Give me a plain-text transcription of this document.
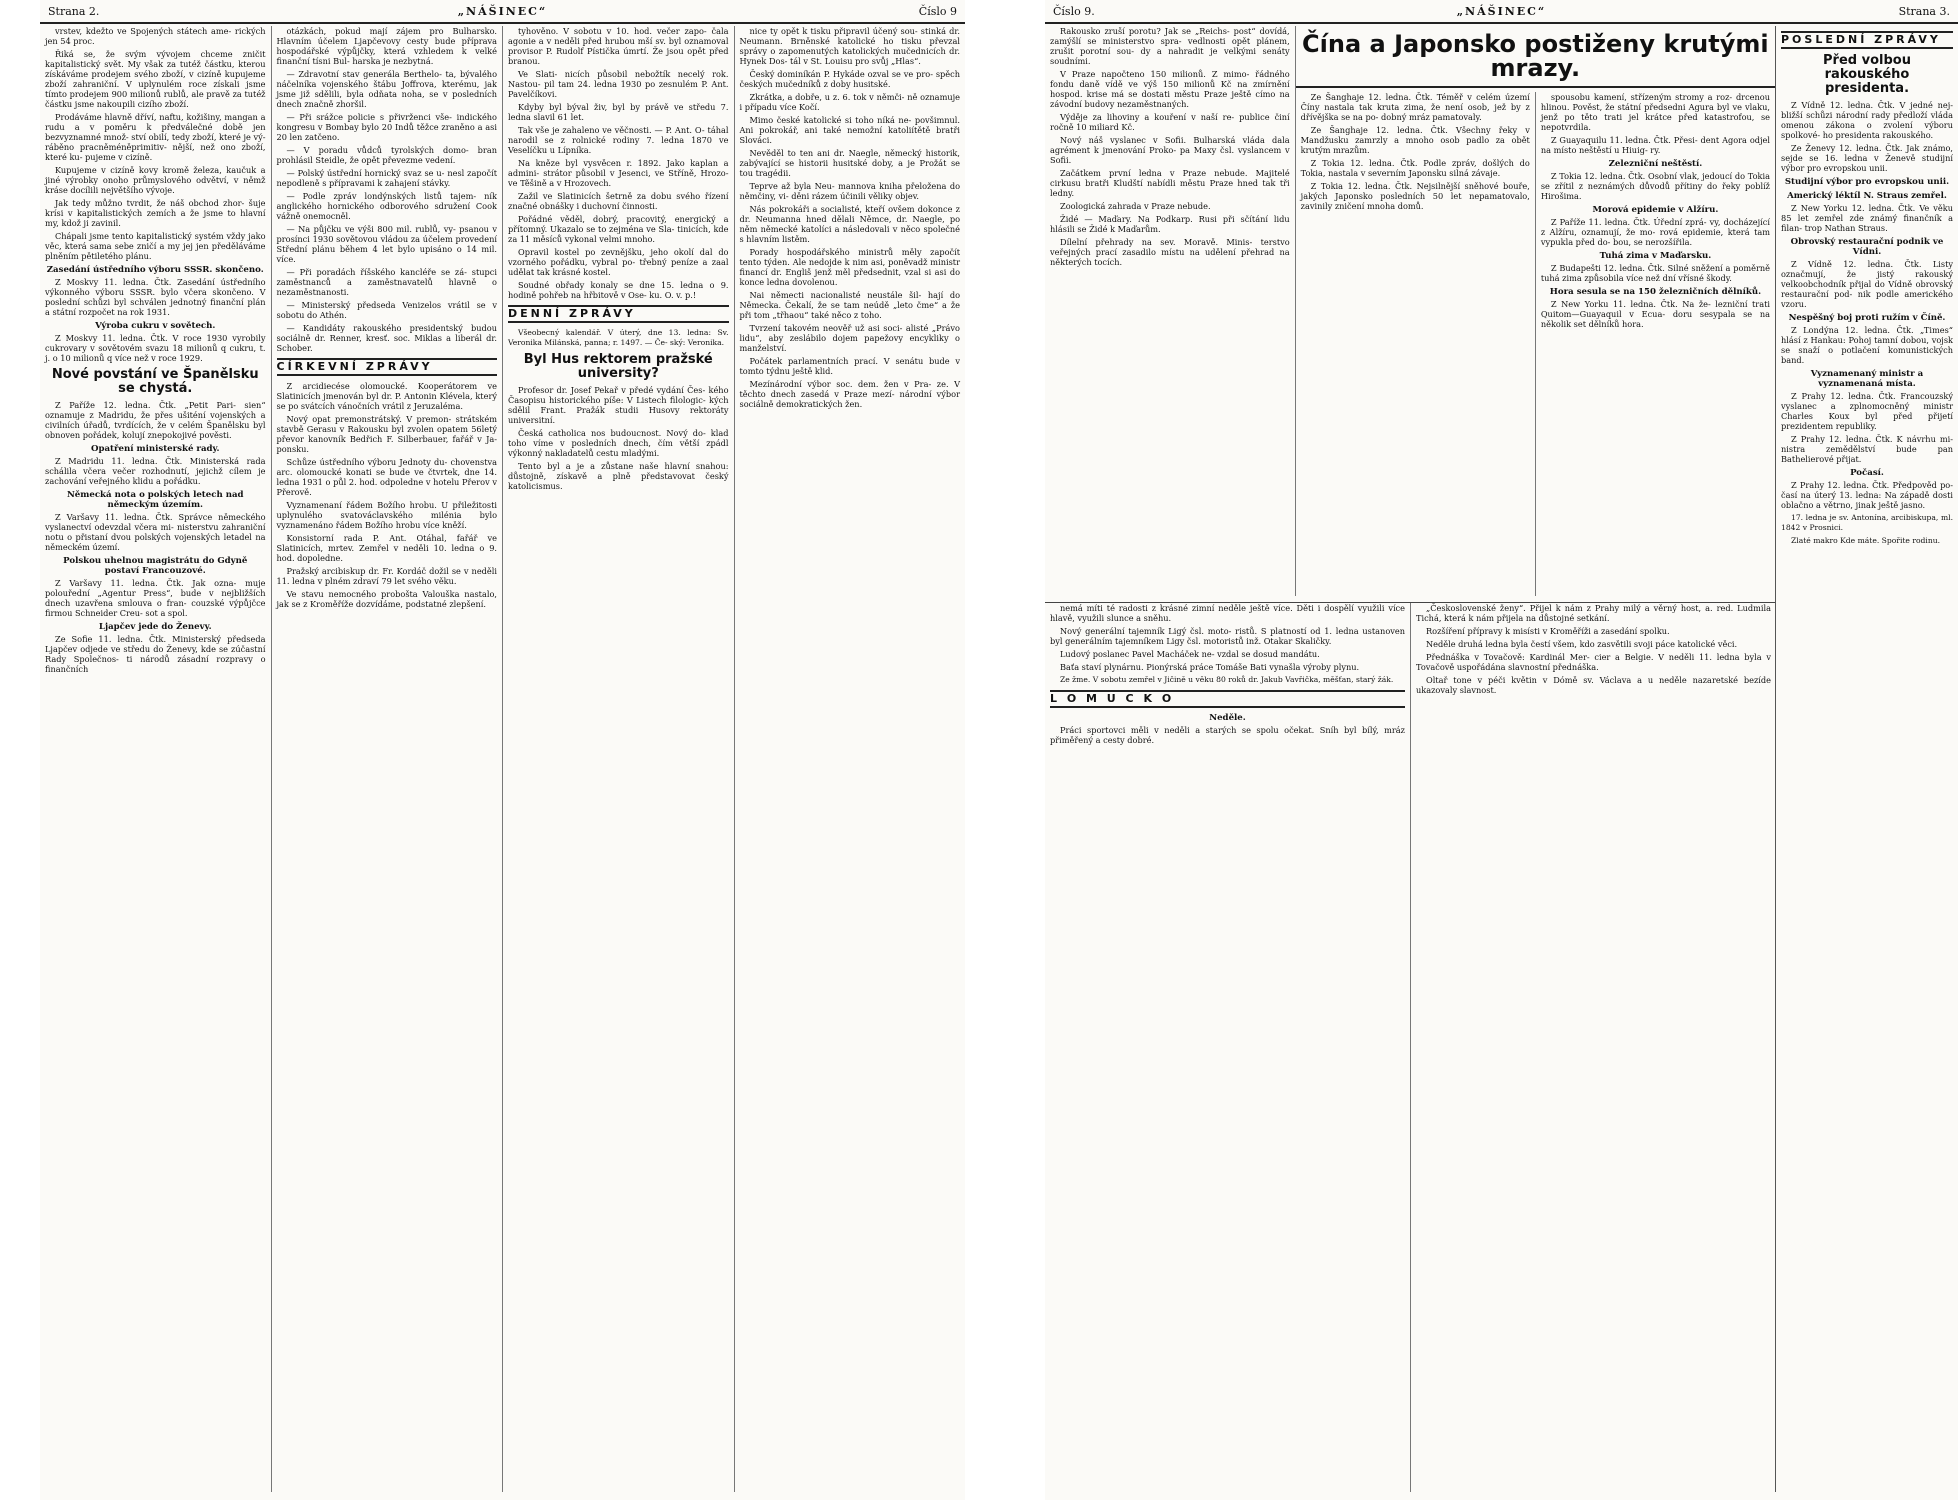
Strana 2.	„NÁŠINEC“	Číslo 9

vrstev, kdežto ve Spojených státech ame- rických jen 54 proc.

Řiká se, že svým vývojem chceme zničit kapitalistický svět. My však za tutéž částku, kterou získáváme prodejem svého zboží, v cizíně kupujeme zboží zahraniční. V uplynulém roce získali jsme tímto prodejem 900 milionů rublů, ale pravě za tutéž částku jsme nakoupili cizího zboží.

Prodáváme hlavně dříví, naftu, kožišiny, mangan a rudu a v poměru k předválečné době jen bezvyznamné množ- ství obilí, tedy zboží, které je vý- ráběno pracněméněprimitiv- nější, než ono zboží, které ku- pujeme v cizíně.

Kupujeme v cizíně kovy kromě železa, kaučuk a jiné výrobky onoho průmyslového odvětví, v němž kráse docílili největšího vývoje.

Jak tedy můžno tvrdit, že náš obchod zhor- šuje krísi v kapitalistických zemích a že jsme to hlavní my, kdož ji zavinil.

Chápali jsme tento kapitalistický systém vždy jako věc, která sama sebe zničí a my jej jen předěláváme plněním pětiletého plánu.

Zasedání ústředního výboru SSSR. skončeno.

Z Moskvy 11. ledna. Čtk. Zasedání ústředního výkonného výboru SSSR. bylo včera skončeno. V poslední schůzi byl schválen jednotný finanční plán a státní rozpočet na rok 1931.

Výroba cukru v sovětech.

Z Moskvy 11. ledna. Čtk. V roce 1930 vyrobily cukrovary v sovětovém svazu 18 milionů q cukru, t. j. o 10 milionů q více než v roce 1929.

Nové povstání ve Španělsku se chystá.

Z Paříže 12. ledna. Čtk. „Petit Pari- sien“ oznamuje z Madridu, že přes ušiténí vojenských a civilních úřadů, tvrdících, že v celém Španělsku byl obnoven pořádek, kolují znepokojivé pověsti.

Opatření ministerské rady.

Z Madridu 11. ledna. Čtk. Ministerská rada schálila včera večer rozhodnutí, jejichž cílem je zachování veřejného klidu a pořádku.

Německá nota o polských letech nad německým územím.

Z Varšavy 11. ledna. Čtk. Správce německého vyslanectví odevzdal včera mi- nisterstvu zahraniční notu o přistaní dvou polských vojenských letadel na německém území.

Polskou uhelnou magistrátu do Gdyně postaví Francouzové.

Z Varšavy 11. ledna. Čtk. Jak ozna- muje polouřední „Agentur Press“, bude v nejbližších dnech uzavřena smlouva o fran- couzské výpůjčce firmou Schneider Creu- sot a spol.

Ljapčev jede do Ženevy.

Ze Sofie 11. ledna. Čtk. Ministerský předseda Ljapčev odjede ve středu do Ženevy, kde se zúčastní Rady Společnos- ti národů zásadní rozpravy o finančních

otázkách, pokud mají zájem pro Bulharsko. Hlavním účelem Ljapčevovy cesty bude příprava hospodářské výpůjčky, která vzhledem k velké finanční tísni Bul- harska je nezbytná.

— Zdravotní stav generála Berthelo- ta, bývalého náčelníka vojenského štábu Joffrova, kterému, jak jsme již sdělili, byla odňata noha, se v posledních dnech značně zhoršil.

— Při srážce policie s přivrženci vše- indického kongresu v Bombay bylo 20 Indů těžce zraněno a asi 20 len zatčeno.

— V poradu vůdců tyrolských domo- bran prohlásil Steidle, že opět převezme vedení.

— Polský ústřední hornický svaz se u- nesl započít nepodleně s přípravami k zahajení stávky.

— Podle zpráv londýnských listů tajem- ník anglického hornického odborového sdružení Cook vážně onemocněl.

— Na půjčku ve výši 800 mil. rublů, vy- psanou v prosínci 1930 sovětovou vládou za účelem provedení Střední plánu během 4 let bylo upisáno o 14 mil. více.

— Při poradách říšského kancléře se zá- stupci zaměstnanců a zaměstnavatelů hlavně o nezaměstnanosti.

— Ministerský předseda Venizelos vrátil se v sobotu do Athén.

— Kandidáty rakouského presidentský budou sociálně dr. Renner, kresť. soc. Miklas a liberál dr. Schober.

CÍRKEVNÍ ZPRÁVY

Z arcidiecése olomoucké. Kooperátorem ve Slatinicích jmenován byl dr. P. Antonin Klévela, který se po svátcích vánočních vrátil z Jeruzaléma.

Nový opat premonstrátský. V premon- strátském stavbě Gerasu v Rakousku byl zvolen opatem 56letý převor kanovník Bedřich F. Silberbauer, fařář v Ja- ponsku.

Schůze ústředního výboru Jednoty du- chovenstva arc. olomoucké konati se bude ve čtvrtek, dne 14. ledna 1931 o půl 2. hod. odpoledne v hotelu Přerov v Přerově.

Vyznamenaní řádem Božího hrobu. U přiležitosti uplynulého svatováclavského milénia bylo vyznamenáno řádem Božího hrobu více kněží.

Konsistorní rada P. Ant. Otáhal, fařář ve Slatinicích, mrtev. Zemřel v neděli 10. ledna o 9. hod. dopoledne.

Pražský arcibiskup dr. Fr. Kordáč dožil se v neděli 11. ledna v plném zdraví 79 let svého věku.

Ve stavu nemocného probošta Valouška nastalo, jak se z Kroměříže dozvídáme, podstatné zlepšení.

tyhověno. V sobotu v 10. hod. večer zapo- čala agonie a v neděli před hrubou mší sv. byl oznamoval provisor P. Rudolf Pístička úmrtí. Že jsou opět před branou.

Ve Slati- nicích působil nebožtík necelý rok. Nastou- pil tam 24. ledna 1930 po zesnulém P. Ant. Pavelčíkovi.

Kdyby byl býval živ, byl by právě ve středu 7. ledna slavil 61 let.

Tak vše je zahaleno ve věčnosti. — P. Ant. O- táhal narodil se z rolnické rodiny 7. ledna 1870 ve Veselíčku u Lípníka.

Na kněze byl vysvěcen r. 1892. Jako kaplan a admini- strátor působil v Jesenci, ve Stříně, Hrozo- ve Těšině a v Hrozovech.

Zažil ve Slatinicích šetrně za dobu svého řízení značné obnášky i duchovní činnosti.

Pořádné věděl, dobrý, pracovitý, energický a přítomný. Ukazalo se to zejména ve Sla- tinicích, kde za 11 měsíců vykonal velmi mnoho.

Opravil kostel po zevnějšku, jeho okolí dal do vzorného pořádku, vybral po- třebný peníze a zaal udělat tak krásné kostel.

Soudné obřady konaly se dne 15. ledna o 9. hodině pohřeb na hřbitově v Ose- ku. O. v. p.!

DENNÍ ZPRÁVY

Všeobecný kalendář. V úterý, dne 13. ledna: Sv. Veronika Milánská, panna; r. 1497. — Če- ský: Veronika.

Byl Hus rektorem pražské university?

Profesor dr. Josef Pekař v předé vydání Čes- kého Časopisu historického píše: V Listech filologic- kých sdělil Frant. Pražák studii Husovy rektoráty universitní.

Česká catholica nos budoucnost. Nový do- klad toho víme v posledních dnech, čím větší zpádl výkonný nakladatelů cestu mladými.

Tento byl a je a zůstane naše hlavní snahou: důstojně, získavě a plně představovat český katolicismus.

nice ty opět k tisku připravil účený sou- stinká dr. Neumann. Brněnské katolické ho tisku převzal správy o zapomenutých katolických mučednicích dr. Hynek Dos- tál v St. Louisu pro svůj „Hlas“.

Český dominíkán P. Hykáde ozval se ve pro- spěch českých mučedníků z doby husitské.

Zkrátka, a dobře, u z. 6. tok v němči- ně oznamuje i případu více Kočí.

Mimo české katolické si toho níká ne- povšimnul. Ani pokrokář, ani také nemožní katoliítětě bratři Slováci.

Nevěděl to ten ani dr. Naegle, německý historik, zabývající se historii husitské doby, a je Prožát se tou tragédii.

Teprve až byla Neu- mannova kniha přeložena do němčiny, vi- děni rázem účinili věliky objev.

Nás pokrokáři a socialisté, kteří ovšem dokonce z dr. Neumanna hned dělali Němce, dr. Naegle, po něm německé katolíci a následovali v něco společné s hlavním listěm.

Porady hospodářského ministrů měly započít tento týden. Ale nedojde k nim asi, poněvadž ministr financí dr. Engliš jenž měl předsednit, vzal si asi do konce ledna dovolenou.

Nai němecti nacionalisté neustále šil- hají do Německa. Čekalí, že se tam neúdě „leto čme“ a že při tom „třhaou“ také něco z toho.

Tvrzení takovém neověř už asi soci- alisté „Právo lidu“, aby zeslábilo dojem papežovy encykliky o manželství.

Počátek parlamentních prací. V senátu bude v tomto týdnu ještě klid.

Mezínárodní výbor soc. dem. žen v Pra- ze. V těchto dnech zasedá v Praze mezí- národní výbor sociálně demokratických žen.

Číslo 9.	„NÁŠINEC“	Strana 3.

Rakousko zruší porotu? Jak se „Reichs- post“ dovídá, zamýšlí se ministerstvo spra- vedlnosti opět plánem, zrušit porotní sou- dy a nahradit je velkými senáty soudními.

V Praze napočteno 150 milionů. Z mimo- řádného fondu daně vídě ve výš 150 milionů Kč na zmírnění hospod. krise má se dostati městu Praze ještě címo na závodní budovy nezaměstnaných.

Výděje za lihoviny a kouření v naší re- publice činí ročně 10 miliard Kč.

Nový náš vyslanec v Sofii. Bulharská vláda dala agrément k jmenování Proko- pa Maxy čsl. vyslancem v Sofii.

Začátkem první ledna v Praze nebude. Majitelé cirkusu bratři Kludští nabídli městu Praze hned tak tři ledny.

Zoologická zahrada v Praze nebude.

Židé — Maďary. Na Podkarp. Rusi při sčítání lidu hlásili se Židé k Maďarům.

Dílelní přehrady na sev. Moravě. Minis- terstvo veřejných prací zasadilo místu na udělení přehrad na některých tocích.

Čína a Japonsko postiženy krutými mrazy.

Ze Šanghaje 12. ledna. Čtk. Téměř v celém území Číny nastala tak kruta zima, že není osob, jež by z dřívějška se na po- dobný mráz pamatovaly.

Ze Šanghaje 12. ledna. Čtk. Všechny řeky v Mandžusku zamrzly a mnoho osob padlo za obět krutým mrazům.

Z Tokia 12. ledna. Čtk. Podle zpráv, došlých do Tokia, nastala v severním Japonsku silná závaje.

Z Tokia 12. ledna. Čtk. Nejsilnější sněhové bouře, jakých Japonsko posledních 50 let nepamatovalo, zavinily zničení mnoha domů.

spousobu kamení, střízeným stromy a roz- drcenou hlinou. Pověst, že státní předsedni Agura byl ve vlaku, jenž po těto trati jel krátce před katastrofou, se nepotvrdila.

Z Guayaquilu 11. ledna. Čtk. Přesi- dent Agora odjel na místo neštěstí u Hiuig- ry.

Zelezniční neštěstí.

Z Tokia 12. ledna. Čtk. Osobní vlak, jedoucí do Tokia se zřítil z neznámých důvodů přítiny do řeky poblíž Hirošima.

Morová epidemie v Alžíru.

Z Paříže 11. ledna. Čtk. Úřední zprá- vy, docházející z Alžíru, oznamují, že mo- rová epidemie, která tam vypukla před do- bou, se nerozšířila.

Tuhá zima v Maďarsku.

Z Budapešti 12. ledna. Čtk. Silné sněžení a poměrně tuhá zima způsobila více než dní vřísné škody.

Hora sesula se na 150 železničních dělníků.

Z New Yorku 11. ledna. Čtk. Na že- lezniční trati Quitom—Guayaquil v Ecua- doru sesypala se na několik set dělníků hora.

nemá míti té radosti z krásné zimní neděle ještě více. Děti i dospělí využili více hlavě, využili slunce a sněhu.

Nový generální tajemník Ligý čsl. moto- ristů. S platností od 1. ledna ustanoven byl generálním tajemníkem Ligy čsl. motoristů inž. Otakar Skaličky.

Ludový poslanec Pavel Macháček ne- vzdal se dosud mandátu.

Baťa staví plynárnu. Pionýrská práce Tomáše Bati vynašla výroby plynu.

Ze žme. V sobotu zemřel v Jičině u věku 80 roků dr. Jakub Vavřička, měšťan, starý žák.

L O M U C K O
Neděle.

Práci sportovci měli v neděli a starých se spolu očekat. Sníh byl bílý, mráz přiměřený a cesty dobré.

„Československé ženy“. Přijel k nám z Prahy milý a věrný host, a. red. Ludmila Tichá, která k nám přijela na důstojné setkání.

Rozšíření přípravy k misísti v Kroměříži a zasedání spolku.

Neděle druhá ledna byla čestí všem, kdo zasvětili svoji páce katolické věci.

Přednáška v Tovačově: Kardinál Mer- cier a Belgie. V neděli 11. ledna byla v Tovačově uspořádána slavnostní přednáška.

Oltař tone v péči květin v Dómě sv. Václava a u neděle nazaretské bezíde ukazovaly slavnost.

POSLEDNÍ ZPRÁVY
Před volbou rakouského presidenta.

Z Vídně 12. ledna. Čtk. V jedné nej- bližší schůzi národní rady předloží vláda omenou zákona o zvolení výboru spolkové- ho presidenta rakouského.

Ze Ženevy 12. ledna. Čtk. Jak známo, sejde se 16. ledna v Ženevě studijní výbor pro evropskou unii.

Studijní výbor pro evropskou unii.
Americký léktíl N. Straus zemřel.

Z New Yorku 12. ledna. Čtk. Ve věku 85 let zemřel zde známý finančník a filan- trop Nathan Straus.

Obrovský restaurační podnik ve Vídni.

Z Vídně 12. ledna. Čtk. Listy označmují, že jistý rakouský velkoobchodník přijal do Vídně obrovský restaurační pod- nik podle amerického vzoru.

Nespěšný boj proti ružím v Číně.

Z Londýna 12. ledna. Čtk. „Times“ hlásí z Hankau: Pohoj tamní dobou, vojsk se snaží o potlačení komunistických band.

Vyznamenaný ministr a vyznamenaná místa.

Z Prahy 12. ledna. Čtk. Francouzský vyslanec a zplnomocněný ministr Charles Koux byl před přijetí prezidentem republiky.

Z Prahy 12. ledna. Čtk. K návrhu mi- nistra zemědělství bude pan Bathelierové přijat.

Počasí.

Z Prahy 12. ledna. Čtk. Předpověd po- časí na úterý 13. ledna: Na západě dosti oblačno a větrno, jinak ještě jasno.

17. ledna je sv. Antonína, arcibiskupa, ml. 1842 v Prosnici.

Zlaté makro Kde máte. Spořite rodinu.
